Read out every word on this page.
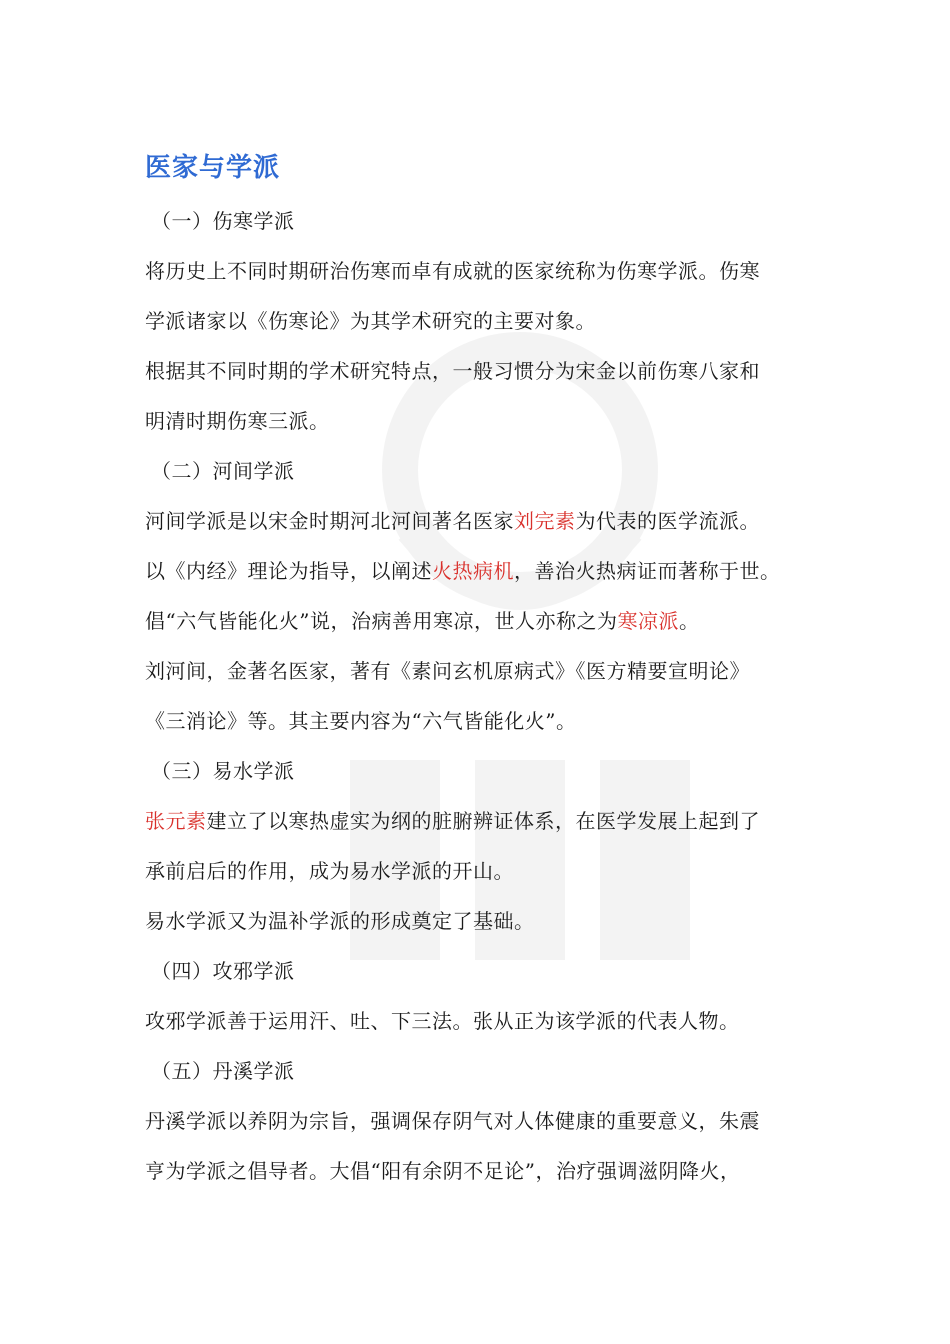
医家与学派
（一）伤寒学派
将历史上不同时期研治伤寒而卓有成就的医家统称为伤寒学派。伤寒
学派诸家以《伤寒论》为其学术研究的主要对象。
根据其不同时期的学术研究特点，一般习惯分为宋金以前伤寒八家和
明清时期伤寒三派。
（二）河间学派
河间学派是以宋金时期河北河间著名医家刘完素为代表的医学流派。
以《内经》理论为指导，以阐述火热病机，善治火热病证而著称于世。
倡“六气皆能化火”说，治病善用寒凉，世人亦称之为寒凉派。
刘河间，金著名医家，著有《素问玄机原病式》《医方精要宣明论》
《三消论》等。其主要内容为“六气皆能化火”。
（三）易水学派
张元素建立了以寒热虚实为纲的脏腑辨证体系，在医学发展上起到了
承前启后的作用，成为易水学派的开山。
易水学派又为温补学派的形成奠定了基础。
（四）攻邪学派
攻邪学派善于运用汗、吐、下三法。张从正为该学派的代表人物。
（五）丹溪学派
丹溪学派以养阴为宗旨，强调保存阴气对人体健康的重要意义，朱震
亨为学派之倡导者。大倡“阳有余阴不足论”，治疗强调滋阴降火，
